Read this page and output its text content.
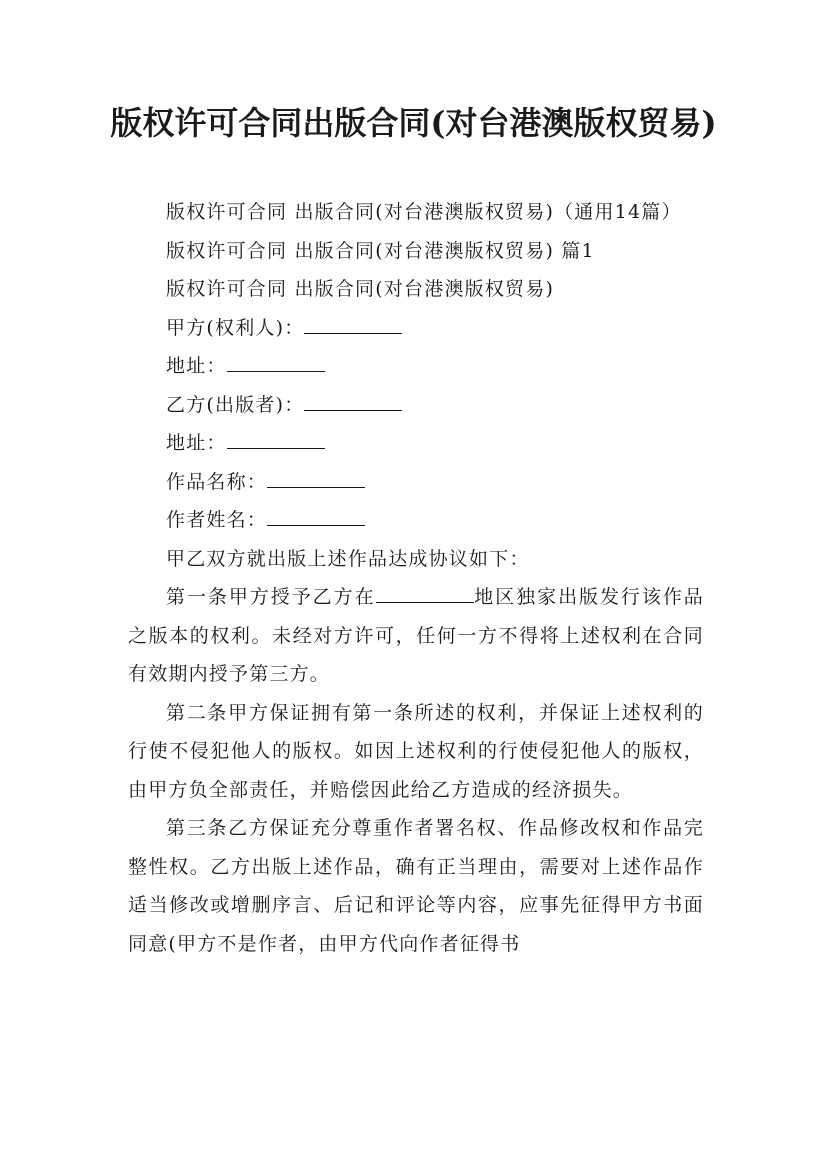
版权许可合同出版合同(对台港澳版权贸易)

版权许可合同 出版合同(对台港澳版权贸易)（通用14篇）

版权许可合同 出版合同(对台港澳版权贸易) 篇1

版权许可合同 出版合同(对台港澳版权贸易)

甲方(权利人)：

地址：

乙方(出版者)：

地址：

作品名称：

作者姓名：

甲乙双方就出版上述作品达成协议如下：

第一条甲方授予乙方在	地区独家出版发行该作品之版本的权利。未经对方许可，任何一方不得将上述权利在合同有效期内授予第三方。

第二条甲方保证拥有第一条所述的权利，并保证上述权利的行使不侵犯他人的版权。如因上述权利的行使侵犯他人的版权，由甲方负全部责任，并赔偿因此给乙方造成的经济损失。

第三条乙方保证充分尊重作者署名权、作品修改权和作品完整性权。乙方出版上述作品，确有正当理由，需要对上述作品作适当修改或增删序言、后记和评论等内容，应事先征得甲方书面同意(甲方不是作者，由甲方代向作者征得书
